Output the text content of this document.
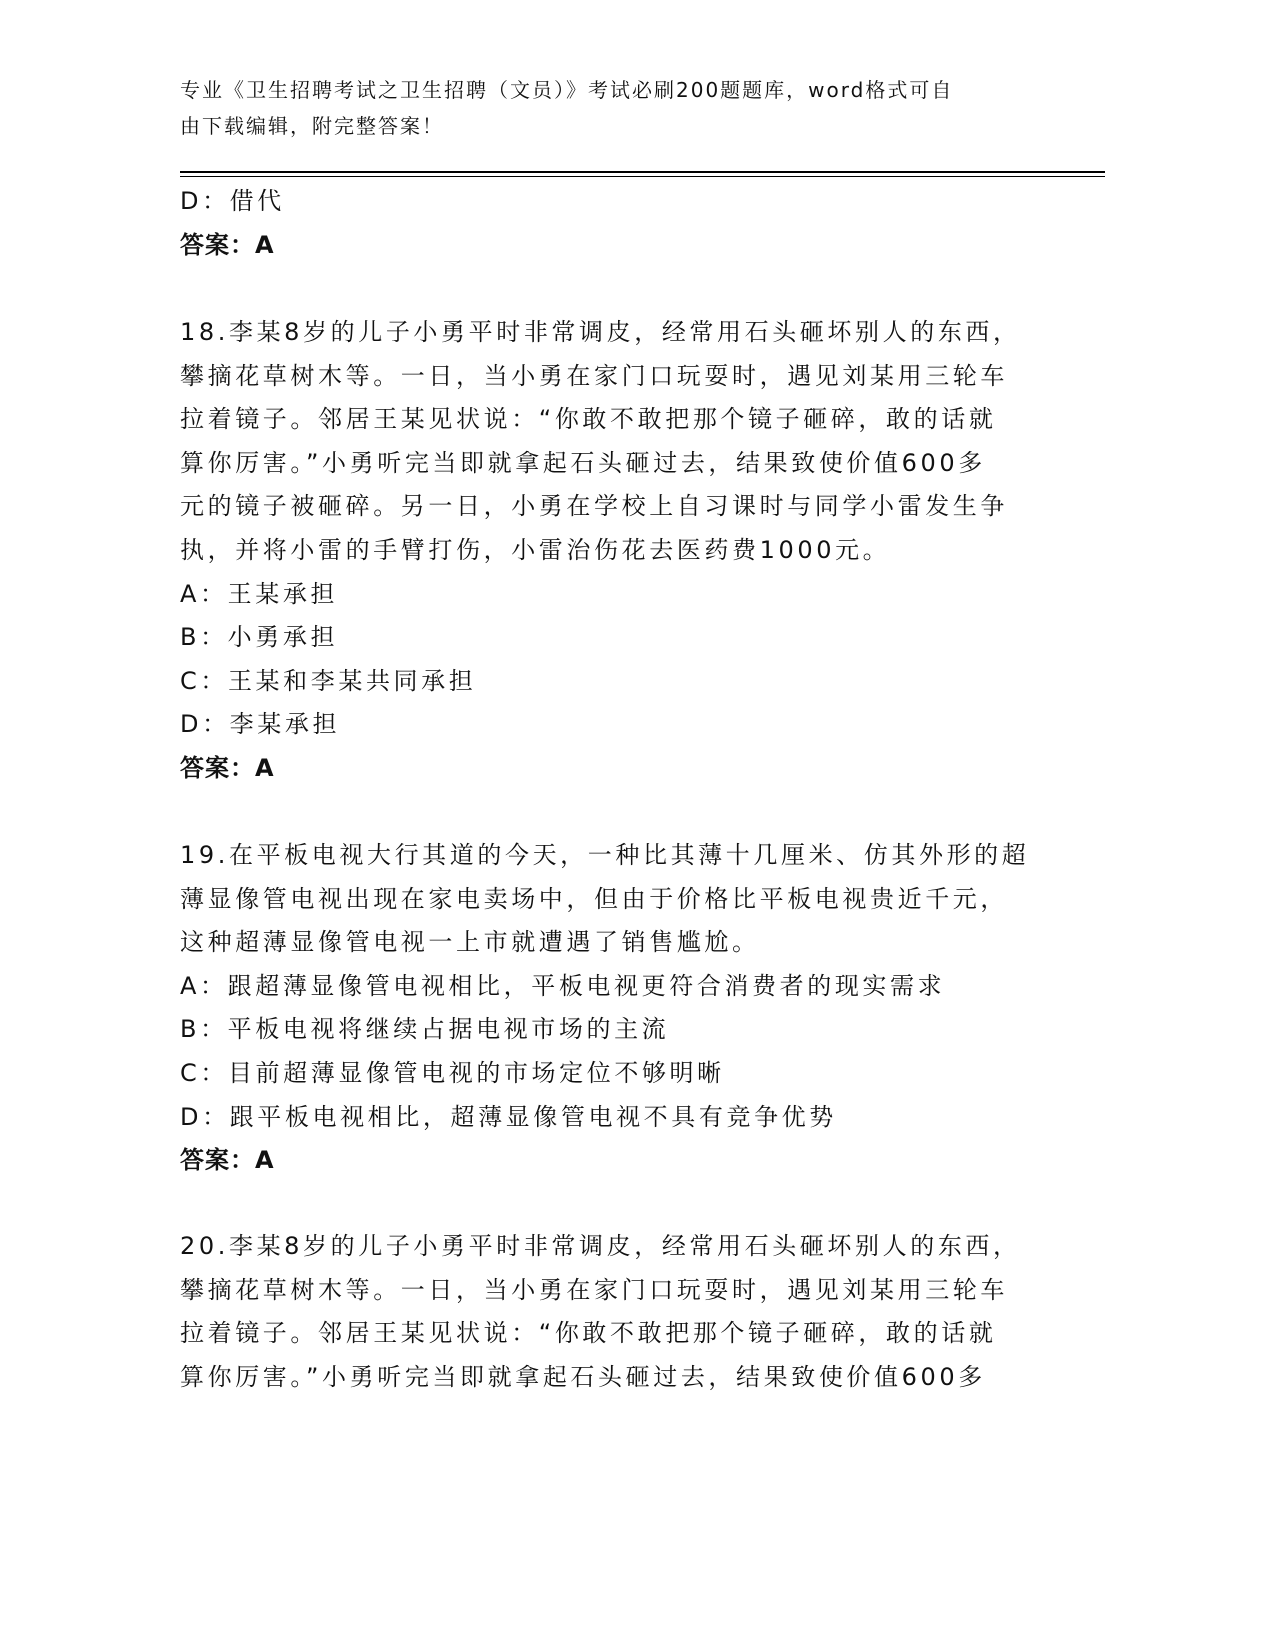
专业《卫生招聘考试之卫生招聘（文员）》考试必刷200题题库，word格式可自
由下载编辑，附完整答案！
D：借代
答案：A
18.李某8岁的儿子小勇平时非常调皮，经常用石头砸坏别人的东西，
攀摘花草树木等。一日，当小勇在家门口玩耍时，遇见刘某用三轮车
拉着镜子。邻居王某见状说：“你敢不敢把那个镜子砸碎，敢的话就
算你厉害。”小勇听完当即就拿起石头砸过去，结果致使价值600多
元的镜子被砸碎。另一日，小勇在学校上自习课时与同学小雷发生争
执，并将小雷的手臂打伤，小雷治伤花去医药费1000元。
A：王某承担
B：小勇承担
C：王某和李某共同承担
D：李某承担
答案：A
19.在平板电视大行其道的今天，一种比其薄十几厘米、仿其外形的超
薄显像管电视出现在家电卖场中，但由于价格比平板电视贵近千元，
这种超薄显像管电视一上市就遭遇了销售尴尬。
A：跟超薄显像管电视相比，平板电视更符合消费者的现实需求
B：平板电视将继续占据电视市场的主流
C：目前超薄显像管电视的市场定位不够明晰
D：跟平板电视相比，超薄显像管电视不具有竞争优势
答案：A
20.李某8岁的儿子小勇平时非常调皮，经常用石头砸坏别人的东西，
攀摘花草树木等。一日，当小勇在家门口玩耍时，遇见刘某用三轮车
拉着镜子。邻居王某见状说：“你敢不敢把那个镜子砸碎，敢的话就
算你厉害。”小勇听完当即就拿起石头砸过去，结果致使价值600多
